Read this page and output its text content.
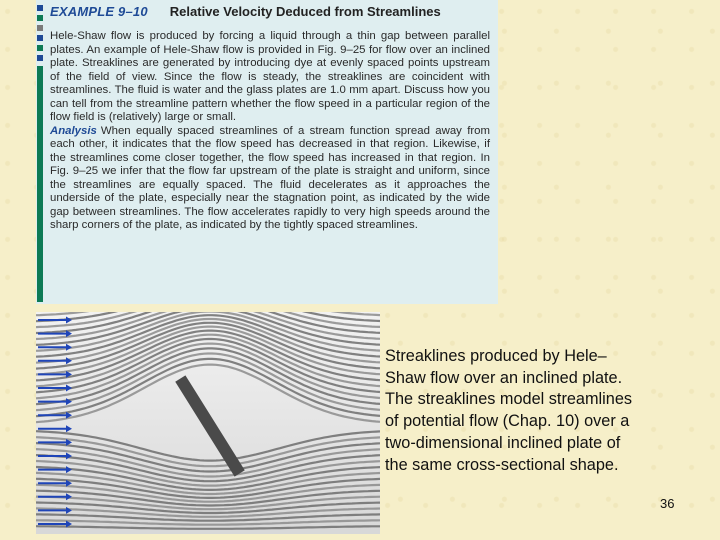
EXAMPLE 9–10 Relative Velocity Deduced from Streamlines

Hele-Shaw flow is produced by forcing a liquid through a thin gap between parallel plates. An example of Hele-Shaw flow is provided in Fig. 9–25 for flow over an inclined plate. Streaklines are generated by introducing dye at evenly spaced points upstream of the field of view. Since the flow is steady, the streaklines are coincident with streamlines. The fluid is water and the glass plates are 1.0 mm apart. Discuss how you can tell from the streamline pattern whether the flow speed in a particular region of the flow field is (relatively) large or small.

Analysis When equally spaced streamlines of a stream function spread away from each other, it indicates that the flow speed has decreased in that region. Likewise, if the streamlines come closer together, the flow speed has increased in that region. In Fig. 9–25 we infer that the flow far upstream of the plate is straight and uniform, since the streamlines are equally spaced. The fluid decelerates as it approaches the underside of the plate, especially near the stagnation point, as indicated by the wide gap between streamlines. The flow accelerates rapidly to very high speeds around the sharp corners of the plate, as indicated by the tightly spaced streamlines.

Streaklines produced by Hele–Shaw flow over an inclined plate. The streaklines model streamlines of potential flow (Chap. 10) over a two-dimensional inclined plate of the same cross-sectional shape.
36
